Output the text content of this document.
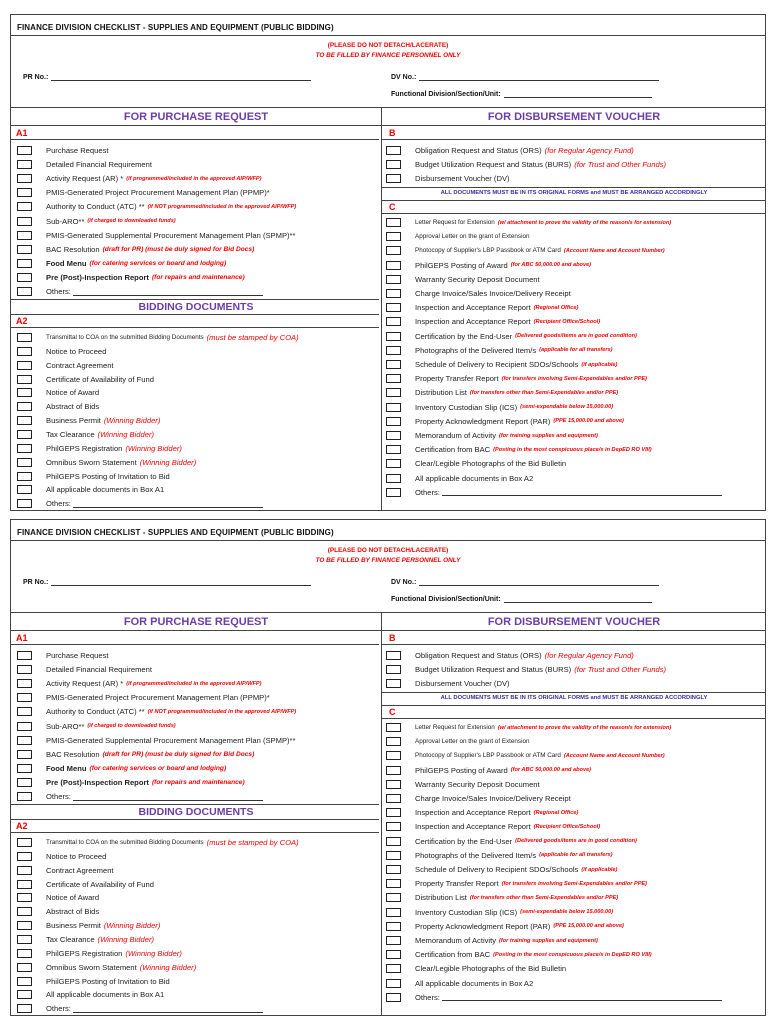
FINANCE DIVISION CHECKLIST - SUPPLIES AND EQUIPMENT (PUBLIC BIDDING)
(PLEASE DO NOT DETACH/LACERATE)
TO BE FILLED BY FINANCE PERSONNEL ONLY
PR No.:	DV No.:
Functional Division/Section/Unit:
FOR PURCHASE REQUEST	FOR DISBURSEMENT VOUCHER
A1
Purchase Request
Detailed Financial Requirement
Activity Request (AR) * (if programmed/included in the approved AIP/WFP)
PMIS-Generated Project Procurement Management Plan (PPMP)*
Authority to Conduct (ATC) ** (if NOT programmed/included in the approved AIP/WFP)
Sub-ARO** (if charged to downloaded funds)
PMIS-Generated Supplemental Procurement Management Plan (SPMP)**
BAC Resolution (draft for PR) (must be duly signed for Bid Docs)
Food Menu (for catering services or board and lodging)
Pre (Post)-Inspection Report (for repairs and maintenance)
Others:
BIDDING DOCUMENTS
A2
Transmittal to COA on the submitted Bidding Documents (must be stamped by COA)
Notice to Proceed
Contract Agreement
Certificate of Availability of Fund
Notice of Award
Abstract of Bids
Business Permit (Winning Bidder)
Tax Clearance (Winning Bidder)
PhilGEPS Registration (Winning Bidder)
Omnibus Sworn Statement (Winning Bidder)
PhilGEPS Posting of Invitation to Bid
All applicable documents in Box A1
Others:
B
Obligation Request and Status (ORS) (for Regular Agency Fund)
Budget Utilization Request and Status (BURS) (for Trust and Other Funds)
Disbursement Voucher (DV)
ALL DOCUMENTS MUST BE IN ITS ORIGINAL FORMS and MUST BE ARRANGED ACCORDINGLY
C
Letter Request for Extension (w/ attachment to prove the validity of the reason/s for extension)
Approval Letter on the grant of Extension
Photocopy of Supplier's LBP Passbook or ATM Card (Account Name and Account Number)
PhilGEPS Posting of Award (for ABC 50,000.00 and above)
Warranty Security Deposit Document
Charge Invoice/Sales Invoice/Delivery Receipt
Inspection and Acceptance Report (Regional Office)
Inspection and Acceptance Report (Recipient Office/School)
Certification by the End-User (Delivered goods/items are in good condition)
Photographs of the Delivered Item/s (applicable for all transfers)
Schedule of Delivery to Recipient SDOs/Schools (if applicable)
Property Transfer Report (for transfers involving Semi-Expendables and/or PPE)
Distribution List (for transfers other than Semi-Expendables and/or PPE)
Inventory Custodian Slip (ICS) (semi-expendable below 15,000.00)
Property Acknowledgment Report (PAR) (PPE 15,000.00 and above)
Memorandum of Activity (for training supplies and equipment)
Certification from BAC (Posting in the most conspicuous place/s in DepED RO VIII)
Clear/Legible Photographs of the Bid Bulletin
All applicable documents in Box A2
Others:
FINANCE DIVISION CHECKLIST - SUPPLIES AND EQUIPMENT (PUBLIC BIDDING)
(PLEASE DO NOT DETACH/LACERATE)
TO BE FILLED BY FINANCE PERSONNEL ONLY
PR No.:	DV No.:
Functional Division/Section/Unit:
FOR PURCHASE REQUEST	FOR DISBURSEMENT VOUCHER
A1
Purchase Request
Detailed Financial Requirement
Activity Request (AR) * (if programmed/included in the approved AIP/WFP)
PMIS-Generated Project Procurement Management Plan (PPMP)*
Authority to Conduct (ATC) ** (if NOT programmed/included in the approved AIP/WFP)
Sub-ARO** (if charged to downloaded funds)
PMIS-Generated Supplemental Procurement Management Plan (SPMP)**
BAC Resolution (draft for PR) (must be duly signed for Bid Docs)
Food Menu (for catering services or board and lodging)
Pre (Post)-Inspection Report (for repairs and maintenance)
Others:
BIDDING DOCUMENTS
A2
Transmittal to COA on the submitted Bidding Documents (must be stamped by COA)
Notice to Proceed
Contract Agreement
Certificate of Availability of Fund
Notice of Award
Abstract of Bids
Business Permit (Winning Bidder)
Tax Clearance (Winning Bidder)
PhilGEPS Registration (Winning Bidder)
Omnibus Sworn Statement (Winning Bidder)
PhilGEPS Posting of Invitation to Bid
All applicable documents in Box A1
Others:
B
Obligation Request and Status (ORS) (for Regular Agency Fund)
Budget Utilization Request and Status (BURS) (for Trust and Other Funds)
Disbursement Voucher (DV)
ALL DOCUMENTS MUST BE IN ITS ORIGINAL FORMS and MUST BE ARRANGED ACCORDINGLY
C
Letter Request for Extension (w/ attachment to prove the validity of the reason/s for extension)
Approval Letter on the grant of Extension
Photocopy of Supplier's LBP Passbook or ATM Card (Account Name and Account Number)
PhilGEPS Posting of Award (for ABC 50,000.00 and above)
Warranty Security Deposit Document
Charge Invoice/Sales Invoice/Delivery Receipt
Inspection and Acceptance Report (Regional Office)
Inspection and Acceptance Report (Recipient Office/School)
Certification by the End-User (Delivered goods/items are in good condition)
Photographs of the Delivered Item/s (applicable for all transfers)
Schedule of Delivery to Recipient SDOs/Schools (if applicable)
Property Transfer Report (for transfers involving Semi-Expendables and/or PPE)
Distribution List (for transfers other than Semi-Expendables and/or PPE)
Inventory Custodian Slip (ICS) (semi-expendable below 15,000.00)
Property Acknowledgment Report (PAR) (PPE 15,000.00 and above)
Memorandum of Activity (for training supplies and equipment)
Certification from BAC (Posting in the most conspicuous place/s in DepED RO VIII)
Clear/Legible Photographs of the Bid Bulletin
All applicable documents in Box A2
Others:
